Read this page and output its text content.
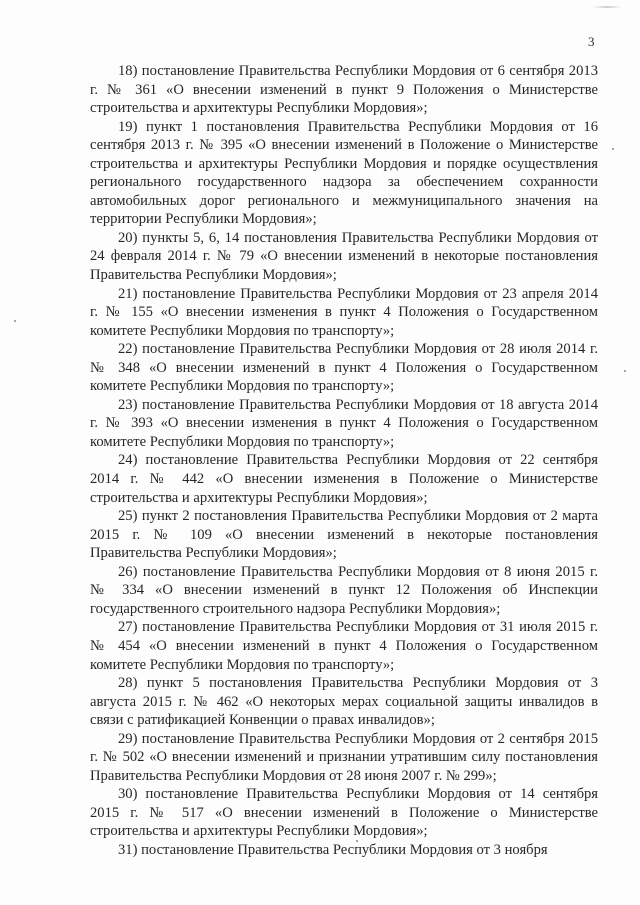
3

18) постановление Правительства Республики Мордовия от 6 сентября 2013 г. № 361 «О внесении изменений в пункт 9 Положения о Министерстве строительства и архитектуры Республики Мордовия»;

19) пункт 1 постановления Правительства Республики Мордовия от 16 сентября 2013 г. № 395 «О внесении изменений в Положение о Министерстве строительства и архитектуры Республики Мордовия и порядке осуществления регионального государственного надзора за обеспечением сохранности автомобильных дорог регионального и межмуниципального значения на территории Республики Мордовия»;

20) пункты 5, 6, 14 постановления Правительства Республики Мордовия от 24 февраля 2014 г. № 79 «О внесении изменений в некоторые постановления Правительства Республики Мордовия»;

21) постановление Правительства Республики Мордовия от 23 апреля 2014 г. № 155 «О внесении изменения в пункт 4 Положения о Государственном комитете Республики Мордовия по транспорту»;

22) постановление Правительства Республики Мордовия от 28 июля 2014 г. № 348 «О внесении изменений в пункт 4 Положения о Государственном комитете Республики Мордовия по транспорту»;

23) постановление Правительства Республики Мордовия от 18 августа 2014 г. № 393 «О внесении изменения в пункт 4 Положения о Государственном комитете Республики Мордовия по транспорту»;

24) постановление Правительства Республики Мордовия от 22 сентября 2014 г. № 442 «О внесении изменения в Положение о Министерстве строительства и архитектуры Республики Мордовия»;

25) пункт 2 постановления Правительства Республики Мордовия от 2 марта 2015 г. № 109 «О внесении изменений в некоторые постановления Правительства Республики Мордовия»;

26) постановление Правительства Республики Мордовия от 8 июня 2015 г. № 334 «О внесении изменений в пункт 12 Положения об Инспекции государственного строительного надзора Республики Мордовия»;

27) постановление Правительства Республики Мордовия от 31 июля 2015 г. № 454 «О внесении изменений в пункт 4 Положения о Государственном комитете Республики Мордовия по транспорту»;

28) пункт 5 постановления Правительства Республики Мордовия от 3 августа 2015 г. № 462 «О некоторых мерах социальной защиты инвалидов в связи с ратификацией Конвенции о правах инвалидов»;

29) постановление Правительства Республики Мордовия от 2 сентября 2015 г. № 502 «О внесении изменений и признании утратившим силу постановления Правительства Республики Мордовия от 28 июня 2007 г. № 299»;

30) постановление Правительства Республики Мордовия от 14 сентября 2015 г. № 517 «О внесении изменений в Положение о Министерстве строительства и архитектуры Республики Мордовия»;

31) постановление Правительства Республики Мордовия от 3 ноября
